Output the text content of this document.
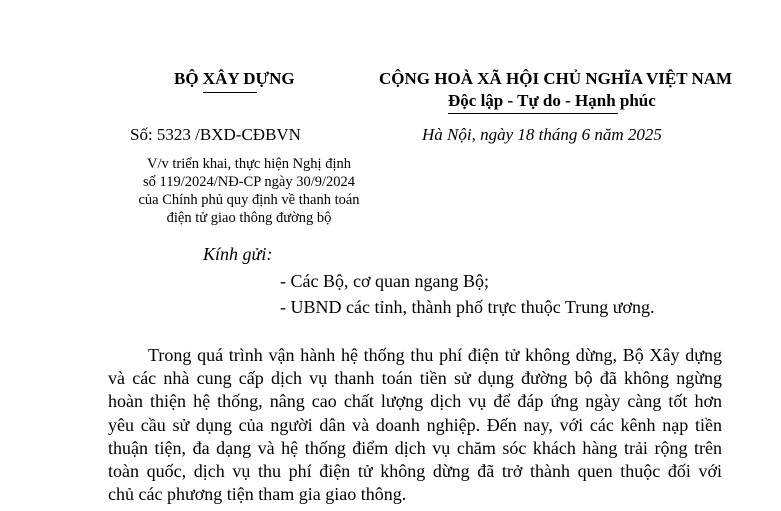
BỘ XÂY DỰNG	CỘNG HOÀ XÃ HỘI CHỦ NGHĨA VIỆT NAM
Độc lập - Tự do - Hạnh phúc
Số: 5323 /BXD-CĐBVN	Hà Nội, ngày 18 tháng 6 năm 2025
V/v triển khai, thực hiện Nghị định
số 119/2024/NĐ-CP ngày 30/9/2024
của Chính phủ quy định về thanh toán
điện tử giao thông đường bộ
Kính gửi:
- Các Bộ, cơ quan ngang Bộ;
- UBND các tỉnh, thành phố trực thuộc Trung ương.
Trong quá trình vận hành hệ thống thu phí điện tử không dừng, Bộ Xây dựng
và các nhà cung cấp dịch vụ thanh toán tiền sử dụng đường bộ đã không ngừng
hoàn thiện hệ thống, nâng cao chất lượng dịch vụ để đáp ứng ngày càng tốt hơn
yêu cầu sử dụng của người dân và doanh nghiệp. Đến nay, với các kênh nạp tiền
thuận tiện, đa dạng và hệ thống điểm dịch vụ chăm sóc khách hàng trải rộng trên
toàn quốc, dịch vụ thu phí điện tử không dừng đã trở thành quen thuộc đối với
chủ các phương tiện tham gia giao thông.
